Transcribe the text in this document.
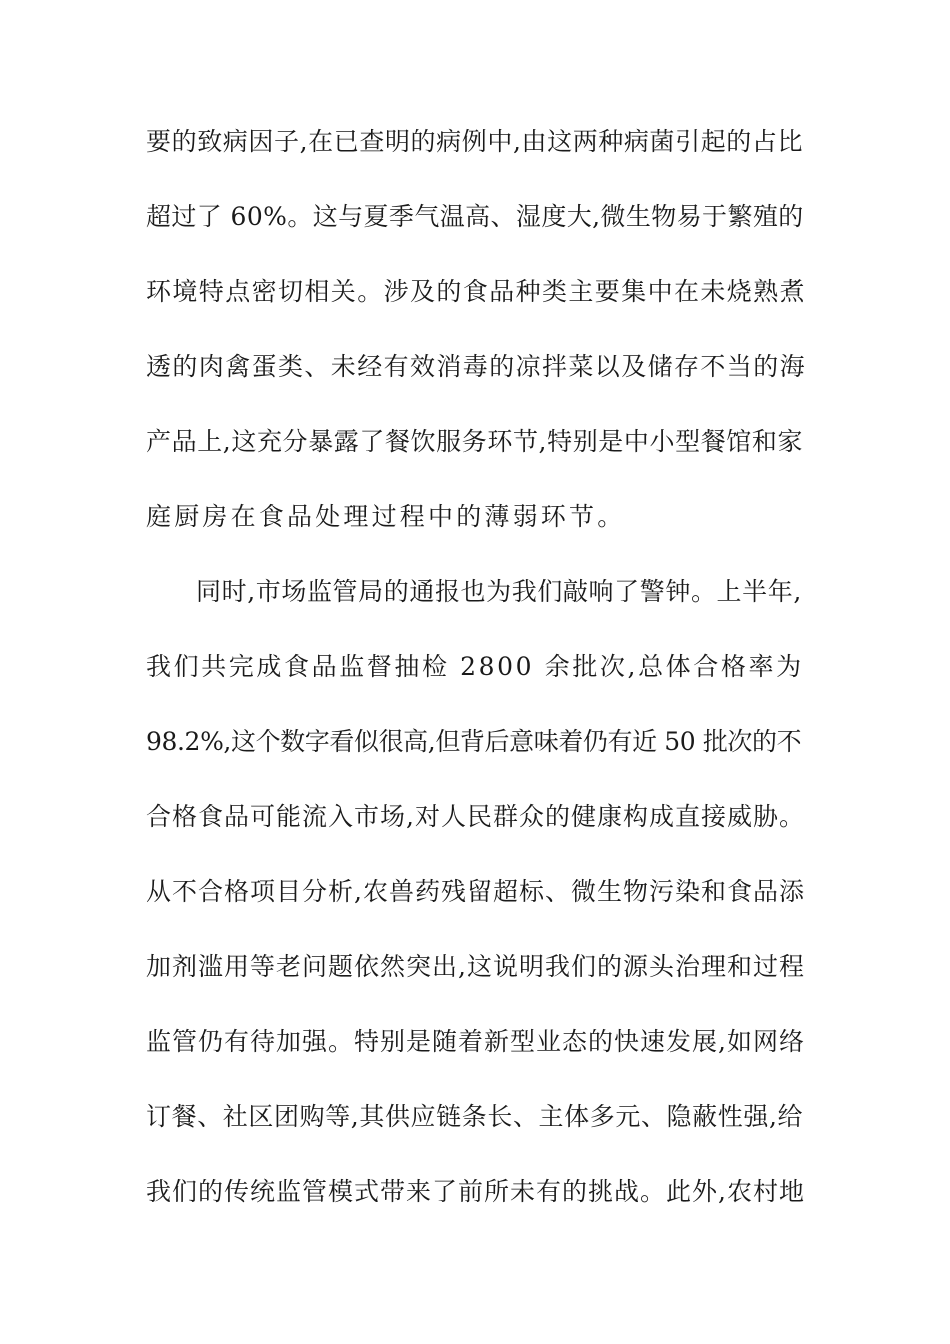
要的致病因子,在已查明的病例中,由这两种病菌引起的占比
超过了 60%。这与夏季气温高、湿度大,微生物易于繁殖的
环境特点密切相关。涉及的食品种类主要集中在未烧熟煮
透的肉禽蛋类、未经有效消毒的凉拌菜以及储存不当的海
产品上,这充分暴露了餐饮服务环节,特别是中小型餐馆和家
庭厨房在食品处理过程中的薄弱环节。
同时,市场监管局的通报也为我们敲响了警钟。上半年,
我们共完成食品监督抽检 2800 余批次,总体合格率为
98.2%,这个数字看似很高,但背后意味着仍有近 50 批次的不
合格食品可能流入市场,对人民群众的健康构成直接威胁。
从不合格项目分析,农兽药残留超标、微生物污染和食品添
加剂滥用等老问题依然突出,这说明我们的源头治理和过程
监管仍有待加强。特别是随着新型业态的快速发展,如网络
订餐、社区团购等,其供应链条长、主体多元、隐蔽性强,给
我们的传统监管模式带来了前所未有的挑战。此外,农村地
